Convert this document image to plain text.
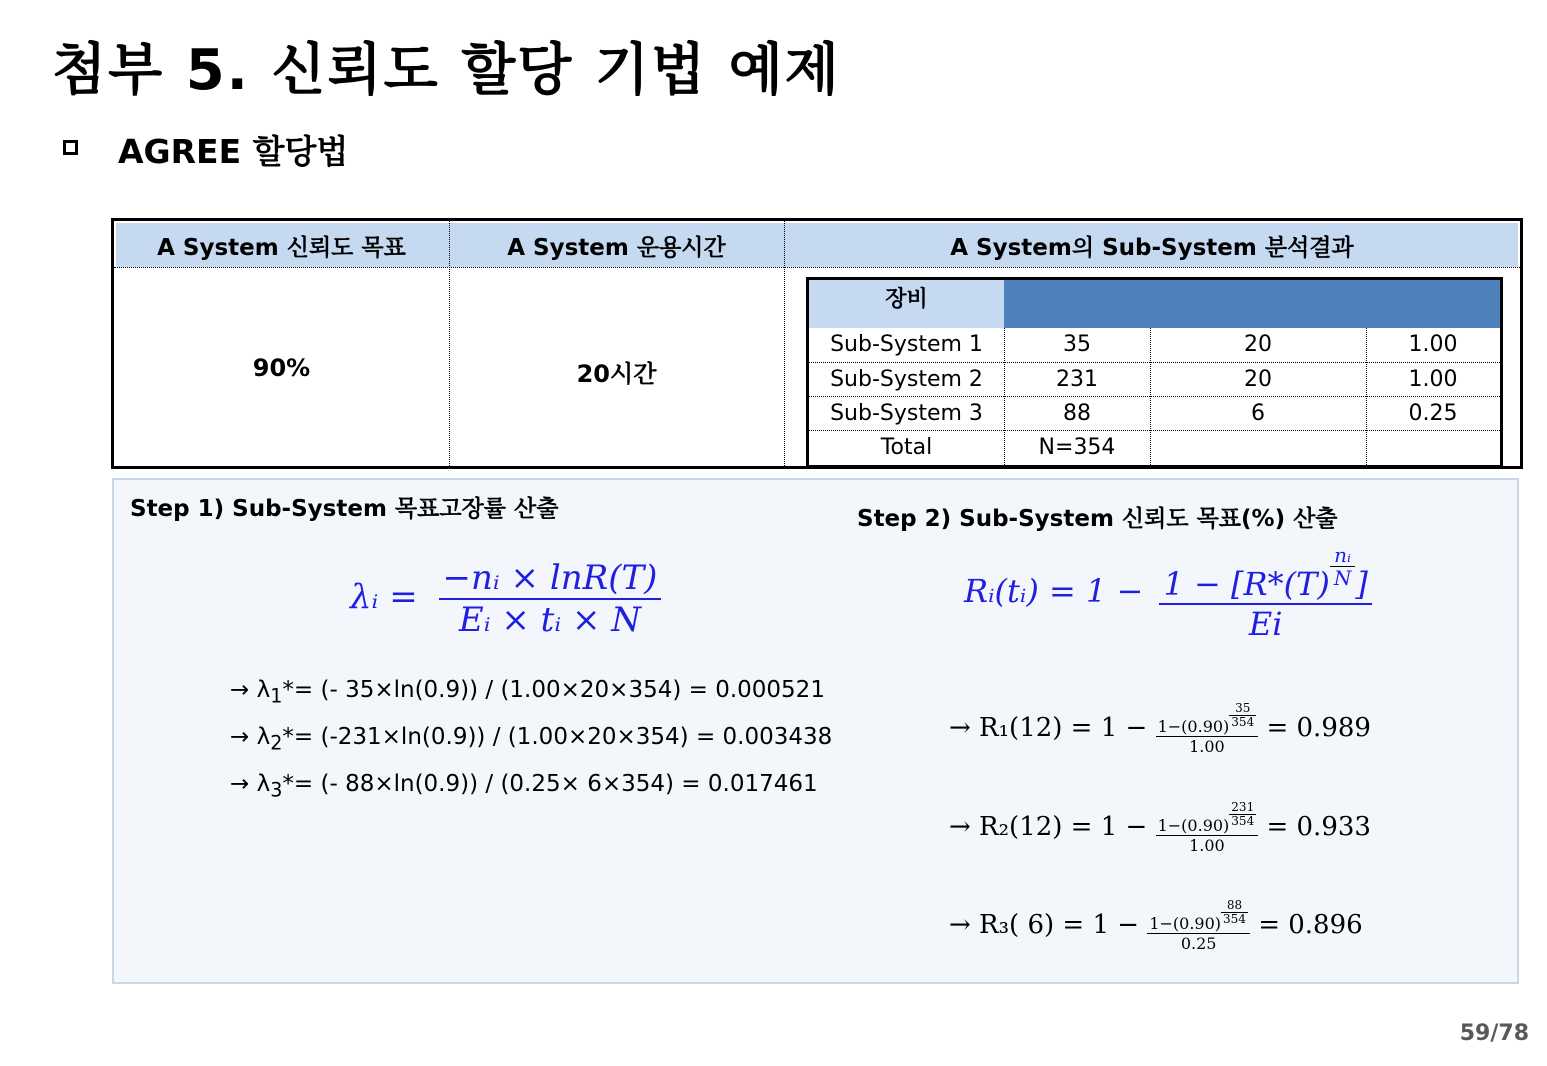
첨부 5. 신뢰도 할당 기법 예제
AGREE 할당법
A System 신뢰도 목표	A System 운용시간	A System의 Sub-System 분석결과
90%	20시간
장비
Sub-System 1	35	20	1.00
Sub-System 2	231	20	1.00
Sub-System 3	88	6	0.25
Total	N=354
Step 1) Sub-System 목표고장률 산출	Step 2) Sub-System 신뢰도 목표(%) 산출
λᵢ = $\frac{\text{−nᵢ × lnR(T)}}{\text{Eᵢ × tᵢ × N}}$
→ $\lambda_1*=$ (- 35×ln(0.9)) / (1.00×20×354) = 0.000521
→ $\lambda_2*= (-231\times\ln(0.9)) / (1.00\times 20\times 354) = 0.003438$
→ $\lambda_3*=$ (- 88×ln(0.9)) / (0.25× 6×354) = 0.017461
Rᵢ(tᵢ) = $1 - \frac{1 - [R*(T) \frac{\text{nᵢ}}{N} ]}{Ei}$
→ $R_1(12) = 1 - \frac{1-(0.90) \frac{35}{354}}{1.00} = 0.989$
→ $R_2(12) = 1 - \frac{1-(0.90) \frac{231}{354}}{1.00} = 0.933$
→ R₃( $6) = 1 - \frac{1-(0.90) \frac{88}{354}}{0.25} = 0.896$
59/78
